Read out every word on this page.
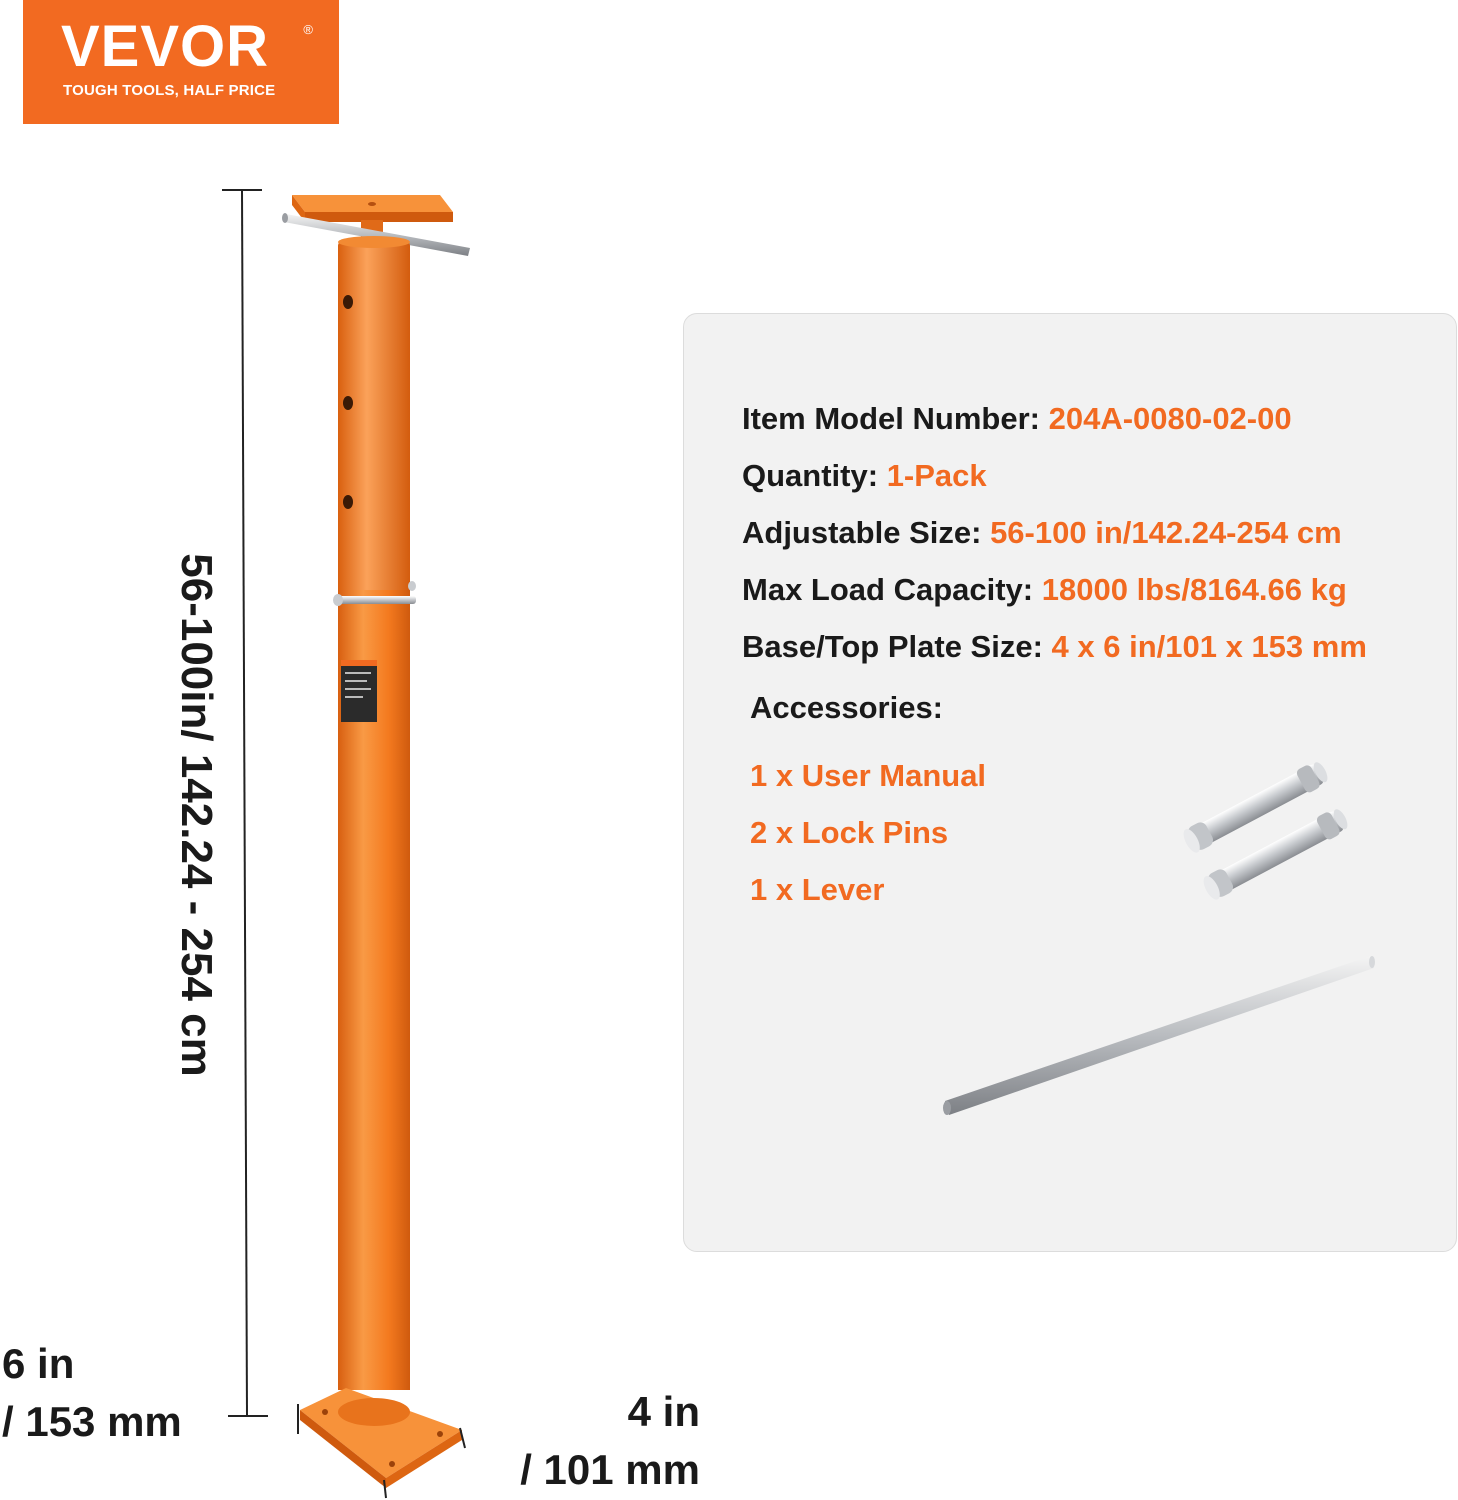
VEVOR	®
TOUGH TOOLS, HALF PRICE
56-100in/ 142.24 - 254 cm
6 in
/ 153 mm	4 in
/ 101 mm
Item Model Number: 204A-0080-02-00
Quantity: 1-Pack
Adjustable Size: 56-100 in/142.24-254 cm
Max Load Capacity: 18000 lbs/8164.66 kg
Base/Top Plate Size: 4 x 6 in/101 x 153 mm
Accessories:
1 x User Manual
2 x Lock Pins
1 x Lever
